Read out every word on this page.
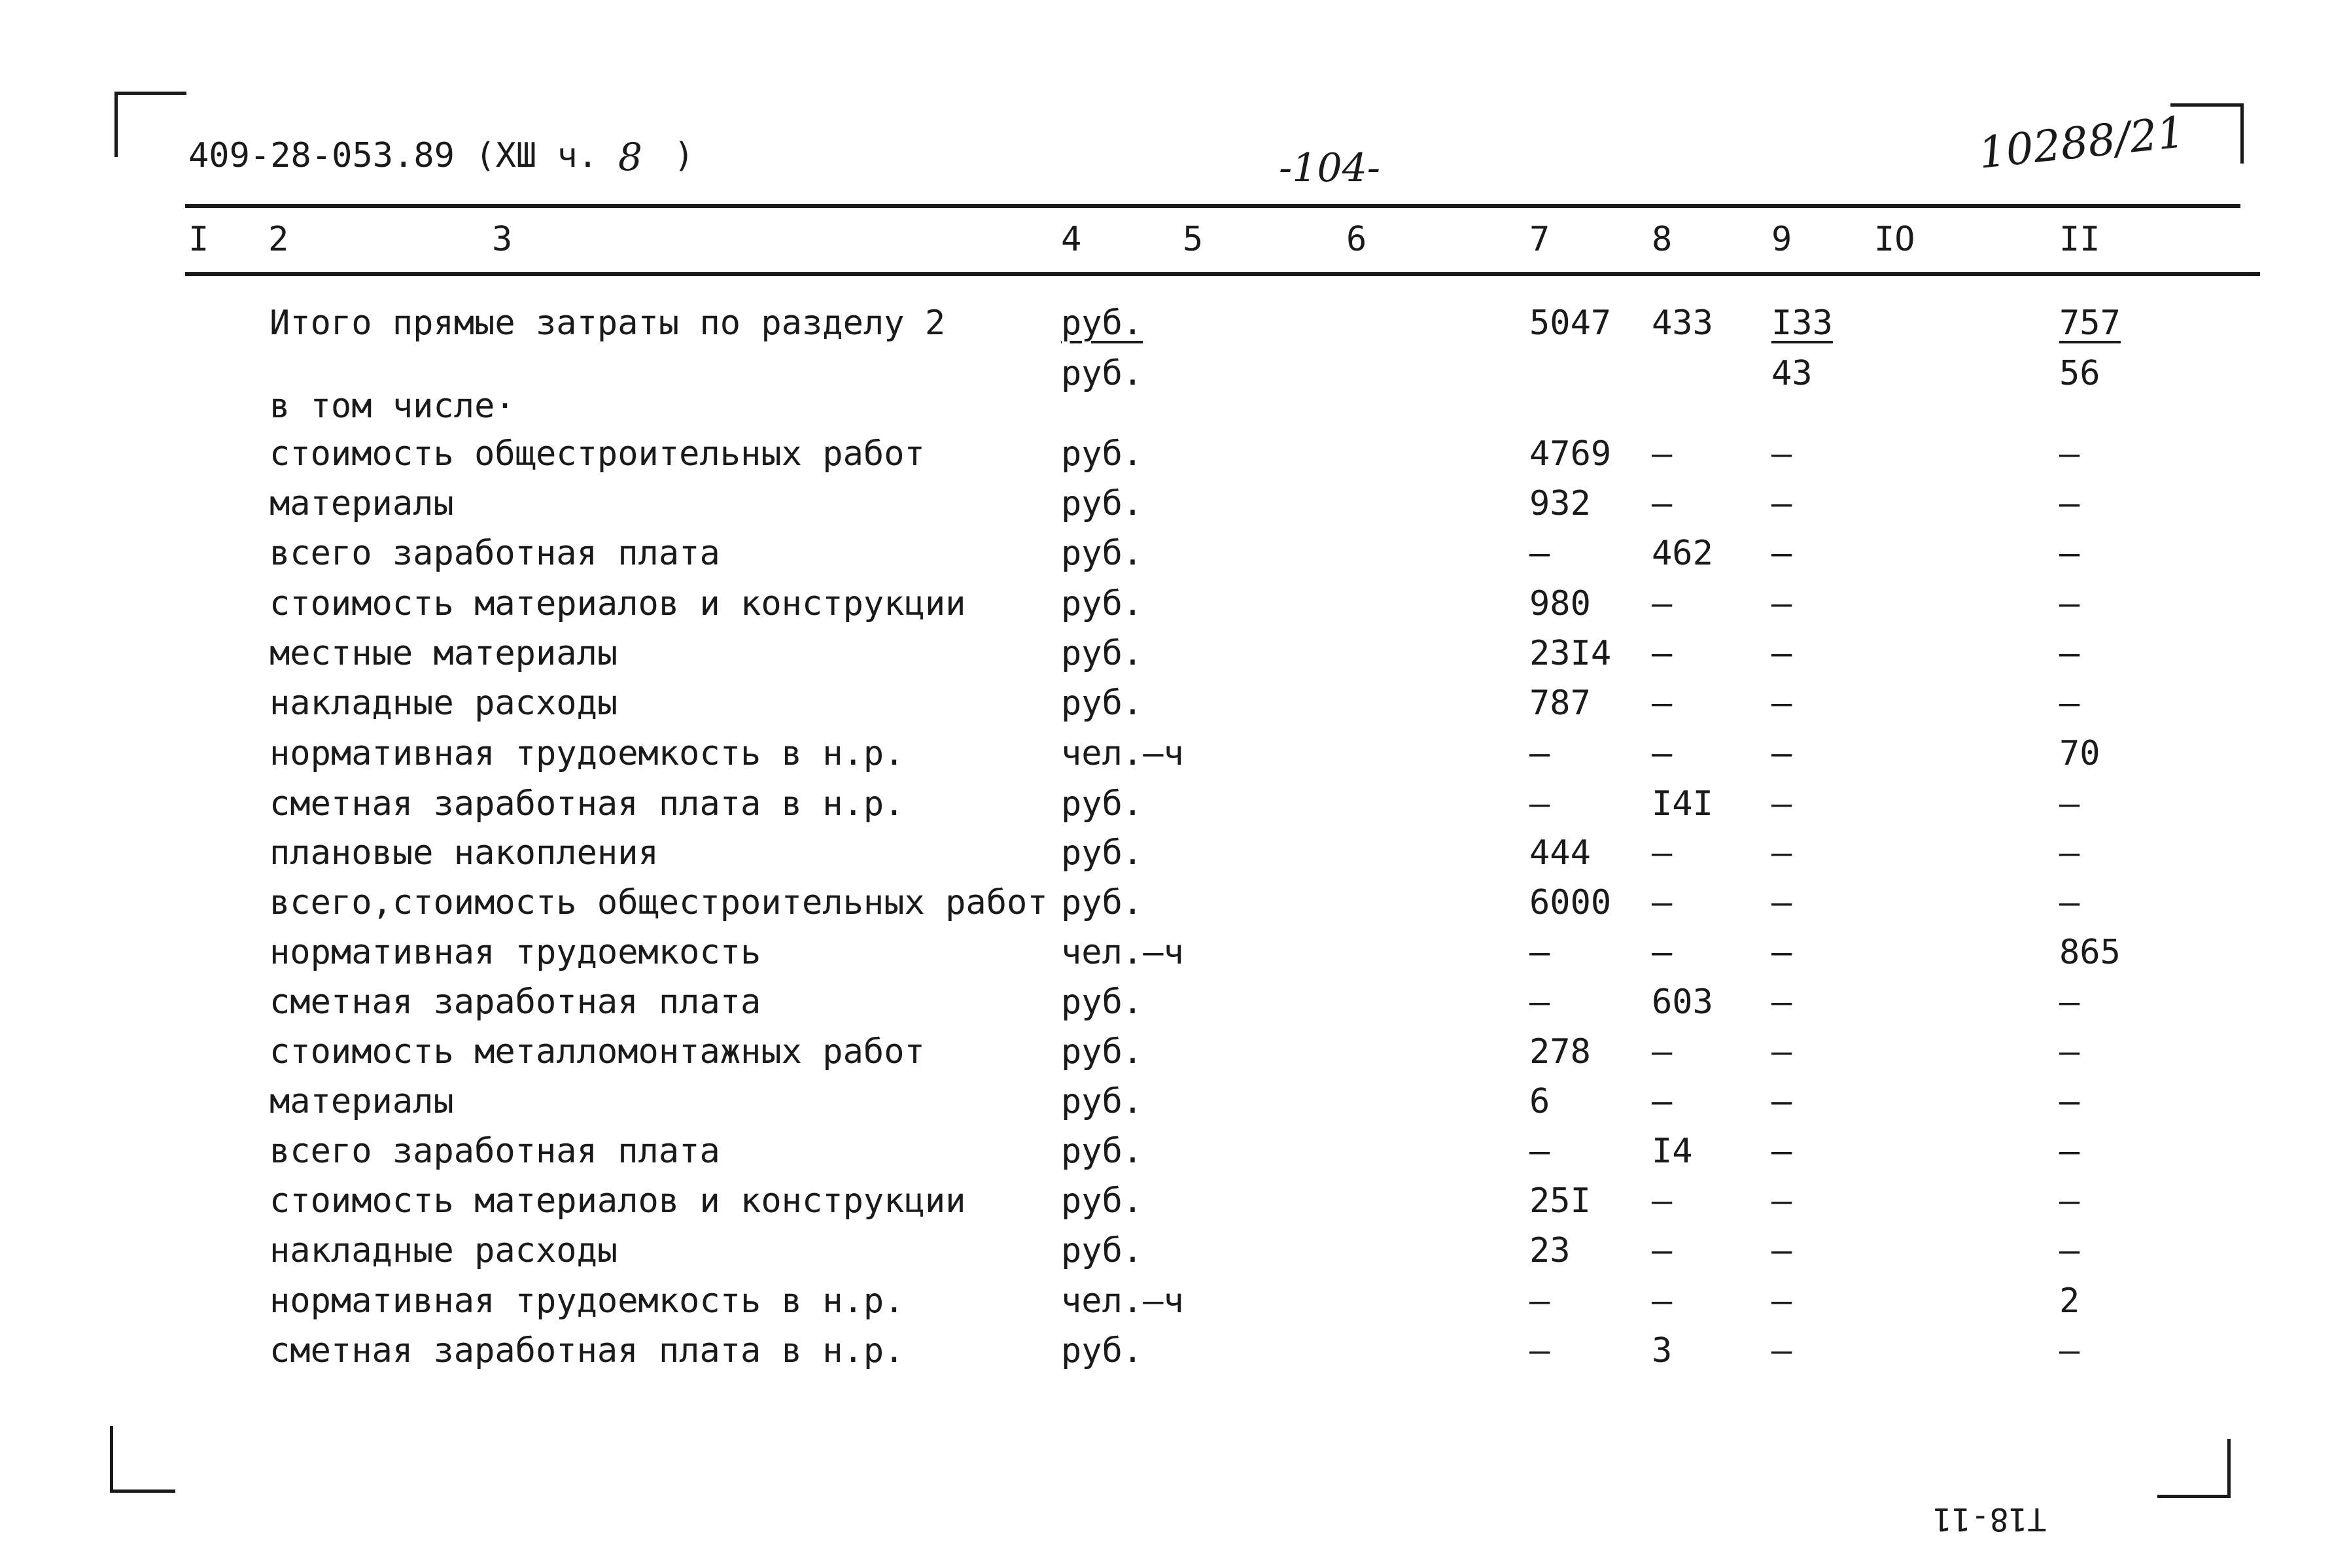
409-28-053.89 (XШ ч. 8 )	-104-	10288/21
I 2	3	4	5	6	7	8	9 IO	II
Итого прямые затраты по разделу 2	руб.	5047 433 I33	757
руб.	43	56
в том числе·
стоимость общестроительных работ	руб.	4769 –	–	–
материалы	руб.	932 –	–	–
всего заработная плата	руб.	–	462 –	–
стоимость материалов и конструкции	руб.	980 –	–	–
местные материалы	руб.	23I4 –	–	–
накладные расходы	руб.	787 –	–	–
нормативная трудоемкость в н.р.	чел.–ч	–	–	–	70
сметная заработная плата в н.р.	руб.	–	I4I –	–
плановые накопления	руб.	444 –	–	–
всего,стоимость общестроительных работ руб.	6000 –	–	–
нормативная трудоемкость	чел.–ч	–	–	–	865
сметная заработная плата	руб.	–	603 –	–
стоимость металломонтажных работ	руб.	278 –	–	–
материалы	руб.	6	–	–	–
всего заработная плата	руб.	–	I4 –	–
стоимость материалов и конструкции	руб.	25I –	–	–
накладные расходы	руб.	23 –	–	–
нормативная трудоемкость в н.р.	чел.–ч	–	–	–	2
сметная заработная плата в н.р.	руб.	–	3	–	–
T18-11
